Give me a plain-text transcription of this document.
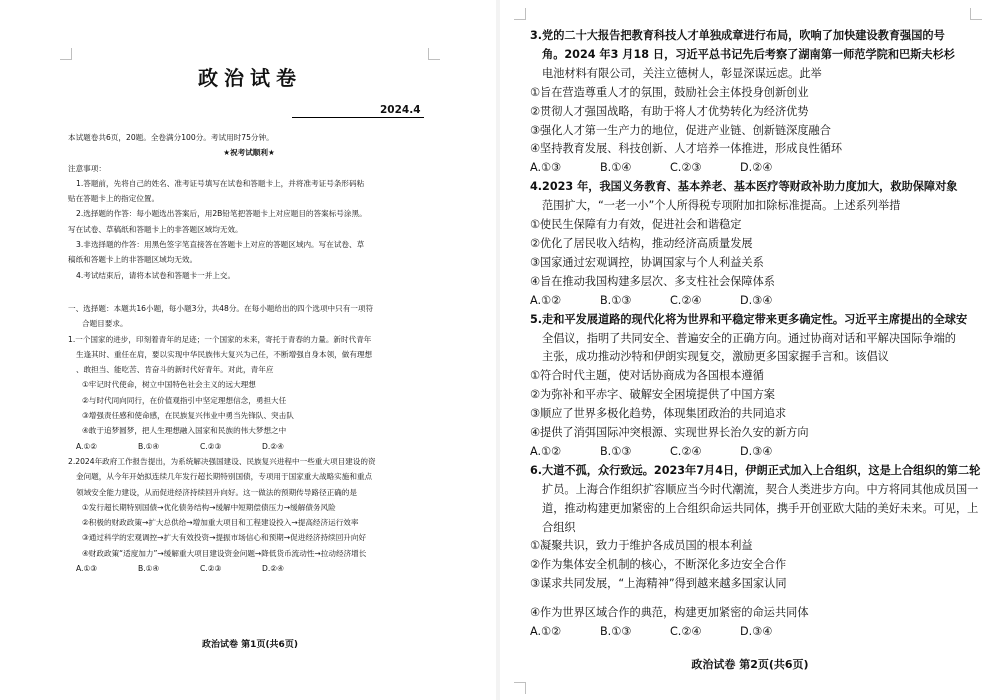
政治试卷
2024.4

本试题卷共6页，20题。全卷满分100分。考试用时75分钟。

★祝考试顺利★

注意事项：

1.答题前，先将自己的姓名、准考证号填写在试卷和答题卡上，并将准考证号条形码粘

贴在答题卡上的指定位置。

2.选择题的作答：每小题选出答案后，用2B铅笔把答题卡上对应题目的答案标号涂黑。

写在试卷、草稿纸和答题卡上的非答题区域均无效。

3.非选择题的作答：用黑色签字笔直接答在答题卡上对应的答题区域内。写在试卷、草

稿纸和答题卡上的非答题区域均无效。

4.考试结束后，请将本试卷和答题卡一并上交。

一、选择题：本题共16小题，每小题3分，共48分。在每小题给出的四个选项中只有一项符

合题目要求。

1.一个国家的进步，印刻着青年的足迹；一个国家的未来，寄托于青春的力量。新时代青年

生逢其时、重任在肩，要以实现中华民族伟大复兴为己任，不断增强自身本领，做有理想

、敢担当、能吃苦、肯奋斗的新时代好青年。对此，青年应

①牢记时代使命，树立中国特色社会主义的远大理想

②与时代同向同行，在价值观指引中坚定理想信念，勇担大任

③增强责任感和使命感，在民族复兴伟业中勇当先锋队、突击队

④敢于追梦圆梦，把人生理想融入国家和民族的伟大梦想之中

A.①②	B.①④	C.②③	D.②④

2.2024年政府工作报告提出，为系统解决强国建设、民族复兴进程中一些重大项目建设的资

金问题，从今年开始拟连续几年发行超长期特别国债，专项用于国家重大战略实施和重点

领域安全能力建设，从而促进经济持续回升向好。这一做法的预期传导路径正确的是

①发行超长期特别国债→优化债务结构→缓解中短期偿债压力→缓解债务风险

②积极的财政政策→扩大总供给→增加重大项目和工程建设投入→提高经济运行效率

③通过科学的宏观调控→扩大有效投资→提振市场信心和预期→促进经济持续回升向好

④财政政策“适度加力”→缓解重大项目建设资金问题→降低货币流动性→拉动经济增长

A.①③	B.①④	C.②③	D.②④

政治试卷 第1页(共6页)

3.党的二十大报告把教育科技人才单独成章进行布局，吹响了加快建设教育强国的号

角。2024 年3 月18 日，习近平总书记先后考察了湖南第一师范学院和巴斯夫杉杉

电池材料有限公司，关注立德树人，彰显深谋远虑。此举

①旨在营造尊重人才的氛围，鼓励社会主体投身创新创业

②贯彻人才强国战略，有助于将人才优势转化为经济优势

③强化人才第一生产力的地位，促进产业链、创新链深度融合

④坚持教育发展、科技创新、人才培养一体推进，形成良性循环

A.①③	B.①④	C.②③	D.②④

4.2023 年，我国义务教育、基本养老、基本医疗等财政补助力度加大，救助保障对象

范围扩大，“一老一小”个人所得税专项附加扣除标准提高。上述系列举措

①使民生保障有力有效，促进社会和谐稳定

②优化了居民收入结构，推动经济高质量发展

③国家通过宏观调控，协调国家与个人利益关系

④旨在推动我国构建多层次、多支柱社会保障体系

A.①②	B.①③	C.②④	D.③④

5.走和平发展道路的现代化将为世界和平稳定带来更多确定性。习近平主席提出的全球安

全倡议，指明了共同安全、普遍安全的正确方向。通过协商对话和平解决国际争端的

主张，成功推动沙特和伊朗实现复交，激励更多国家握手言和。该倡议

①符合时代主题，使对话协商成为各国根本遵循

②为弥补和平赤字、破解安全困境提供了中国方案

③顺应了世界多极化趋势，体现集团政治的共同追求

④提供了消弭国际冲突根源、实现世界长治久安的新方向

A.①②	B.①③	C.②④	D.③④

6.大道不孤，众行致远。2023年7月4日，伊朗正式加入上合组织，这是上合组织的第二轮

扩员。上海合作组织扩容顺应当今时代潮流，契合人类进步方向。中方将同其他成员国一

道，推动构建更加紧密的上合组织命运共同体，携手开创亚欧大陆的美好未来。可见，上

合组织

①凝聚共识，致力于维护各成员国的根本利益

②作为集体安全机制的核心，不断深化多边安全合作

③谋求共同发展，“上海精神”得到越来越多国家认同

④作为世界区域合作的典范，构建更加紧密的命运共同体

A.①②	B.①③	C.②④	D.③④

政治试卷 第2页(共6页)
